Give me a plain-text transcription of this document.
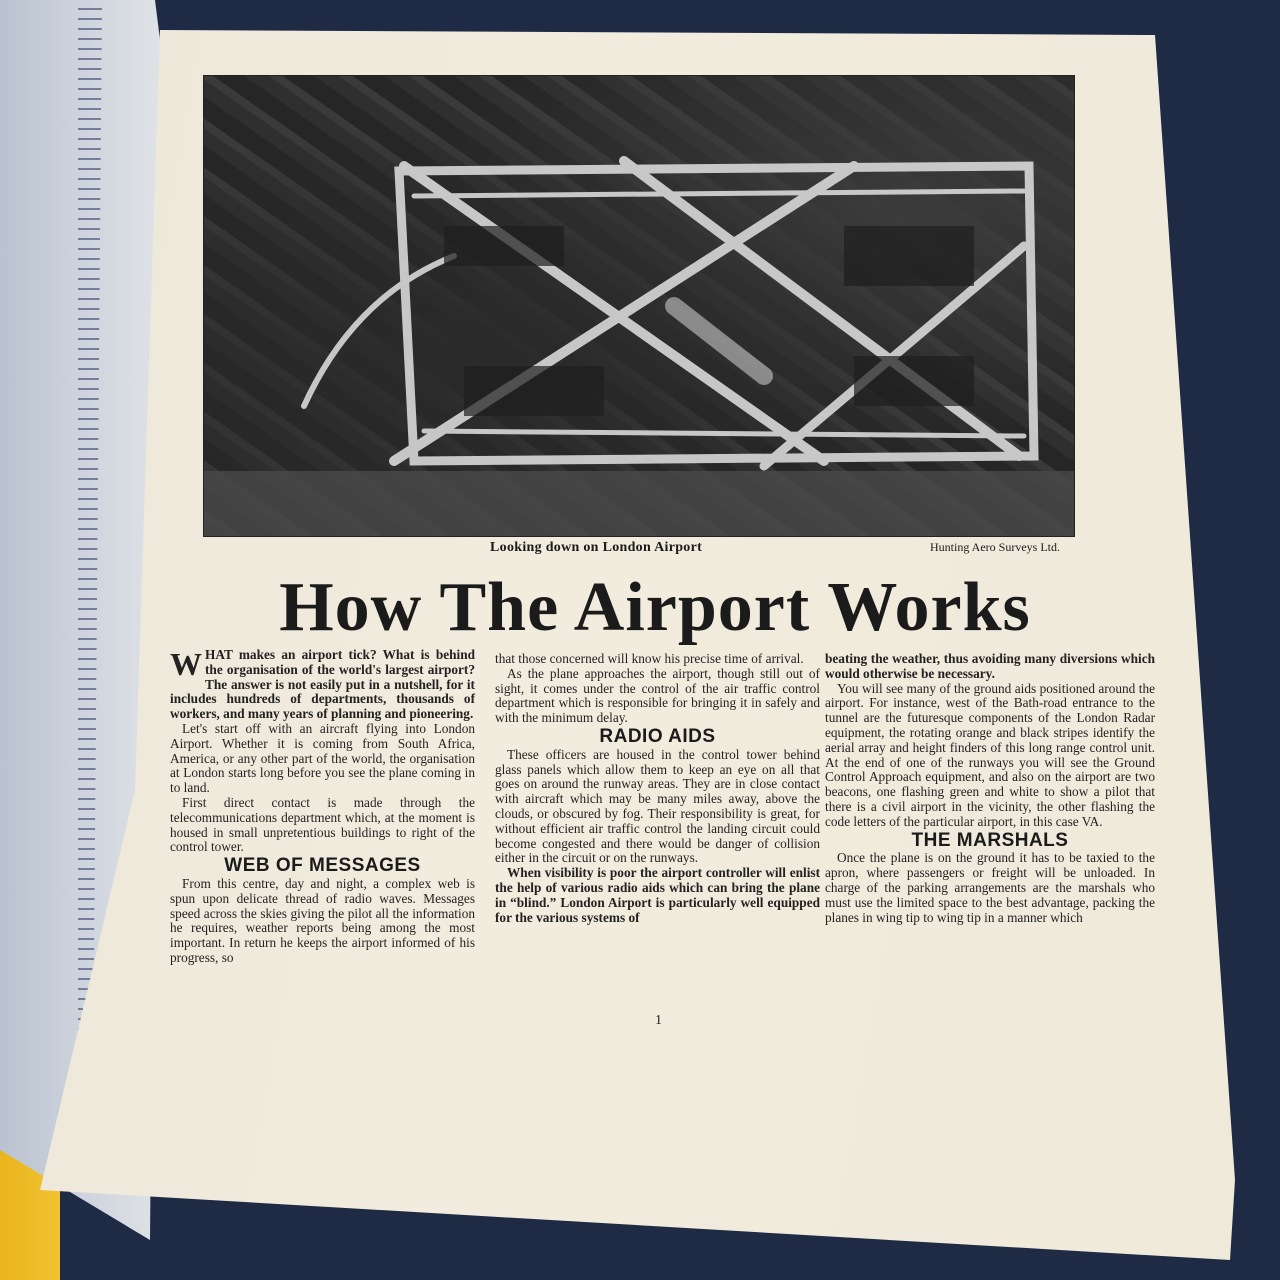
Looking down on London Airport	Hunting Aero Surveys Ltd.
How The Airport Works

WHAT makes an airport tick? What is behind the organisation of the world's largest airport? The answer is not easily put in a nutshell, for it includes hundreds of departments, thousands of workers, and many years of planning and pioneering.

Let's start off with an aircraft flying into London Airport. Whether it is coming from South Africa, America, or any other part of the world, the organisation at London starts long before you see the plane coming in to land.

First direct contact is made through the telecommunications department which, at the moment is housed in small unpretentious buildings to right of the control tower.

WEB OF MESSAGES

From this centre, day and night, a complex web is spun upon delicate thread of radio waves. Messages speed across the skies giving the pilot all the information he requires, weather reports being among the most important. In return he keeps the airport informed of his progress, so

that those concerned will know his precise time of arrival.

As the plane approaches the airport, though still out of sight, it comes under the control of the air traffic control department which is responsible for bringing it in safely and with the minimum delay.

RADIO AIDS

These officers are housed in the control tower behind glass panels which allow them to keep an eye on all that goes on around the runway areas. They are in close contact with aircraft which may be many miles away, above the clouds, or obscured by fog. Their responsibility is great, for without efficient air traffic control the landing circuit could become congested and there would be danger of collision either in the circuit or on the runways.

When visibility is poor the airport controller will enlist the help of various radio aids which can bring the plane in “blind.” London Airport is particularly well equipped for the various systems of

beating the weather, thus avoiding many diversions which would otherwise be necessary.

You will see many of the ground aids positioned around the airport. For instance, west of the Bath-road entrance to the tunnel are the futuresque components of the London Radar equipment, the rotating orange and black stripes identify the aerial array and height finders of this long range control unit. At the end of one of the runways you will see the Ground Control Approach equipment, and also on the airport are two beacons, one flashing green and white to show a pilot that there is a civil airport in the vicinity, the other flashing the code letters of the particular airport, in this case VA.

THE MARSHALS

Once the plane is on the ground it has to be taxied to the apron, where passengers or freight will be unloaded. In charge of the parking arrangements are the marshals who must use the limited space to the best advantage, packing the planes in wing tip to wing tip in a manner which

1
